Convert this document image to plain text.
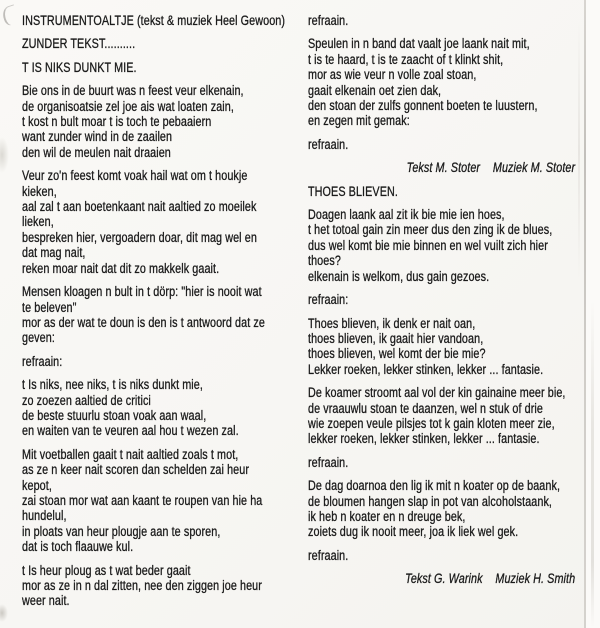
INSTRUMENTOALTJE (tekst & muziek Heel Gewoon)

ZUNDER TEKST..........

T IS NIKS DUNKT MIE.

Bie ons in de buurt was n feest veur elkenain,
de organisoatsie zel joe ais wat loaten zain,
t kost n bult moar t is toch te pebaaiern
want zunder wind in de zaailen
den wil de meulen nait draaien

Veur zo'n feest komt voak hail wat om t houkje
kieken,
aal zal t aan boetenkaant nait aaltied zo moeilek
lieken,
bespreken hier, vergoadern doar, dit mag wel en
dat mag nait,
reken moar nait dat dit zo makkelk gaait.

Mensen kloagen n bult in t dörp: "hier is nooit wat
te beleven"
mor as der wat te doun is den is t antwoord dat ze
geven:

refraain:

t Is niks, nee niks, t is niks dunkt mie,
zo zoezen aaltied de critici
de beste stuurlu stoan voak aan waal,
en waiten van te veuren aal hou t wezen zal.

Mit voetballen gaait t nait aaltied zoals t mot,
as ze n keer nait scoren dan schelden zai heur
kepot,
zai stoan mor wat aan kaant te roupen van hie ha
hundelul,
in ploats van heur plougje aan te sporen,
dat is toch flaauwe kul.

t Is heur ploug as t wat beder gaait
mor as ze in n dal zitten, nee den ziggen joe heur
weer nait.

refraain.

Speulen in n band dat vaalt joe laank nait mit,
t is te haard, t is te zaacht of t klinkt shit,
mor as wie veur n volle zoal stoan,
gaait elkenain oet zien dak,
den stoan der zulfs gonnent boeten te luustern,
en zegen mit gemak:

refraain.

Tekst M. Stoter Muziek M. Stoter

THOES BLIEVEN.

Doagen laank aal zit ik bie mie ien hoes,
t het totoal gain zin meer dus den zing ik de blues,
dus wel komt bie mie binnen en wel vuilt zich hier
thoes?
elkenain is welkom, dus gain gezoes.

refraain:

Thoes blieven, ik denk er nait oan,
thoes blieven, ik gaait hier vandoan,
thoes blieven, wel komt der bie mie?
Lekker roeken, lekker stinken, lekker ... fantasie.

De koamer stroomt aal vol der kin gainaine meer bie,
de vraauwlu stoan te daanzen, wel n stuk of drie
wie zoepen veule pilsjes tot k gain kloten meer zie,
lekker roeken, lekker stinken, lekker ... fantasie.

refraain.

De dag doarnoa den lig ik mit n koater op de baank,
de bloumen hangen slap in pot van alcoholstaank,
ik heb n koater en n dreuge bek,
zoiets dug ik nooit meer, joa ik liek wel gek.

refraain.

Tekst G. Warink Muziek H. Smith
